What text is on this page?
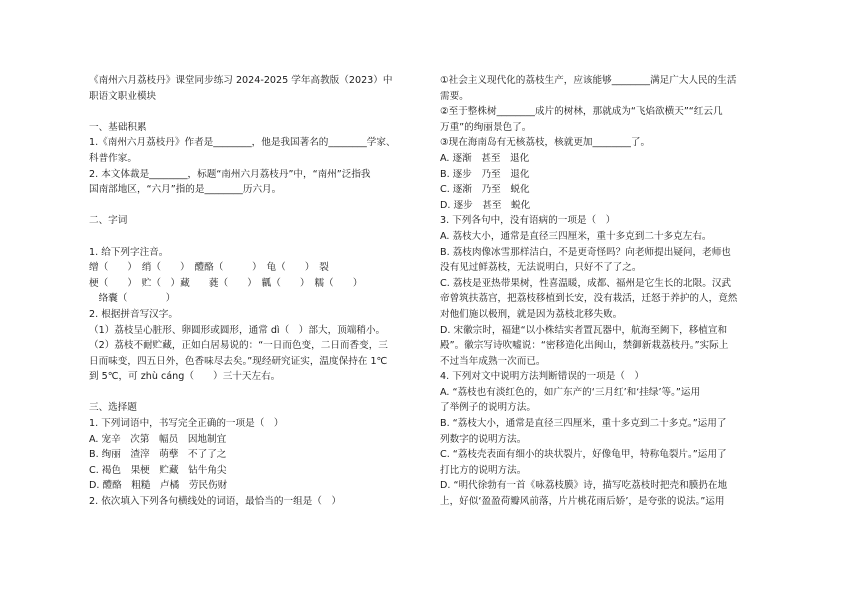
《南州六月荔枝丹》课堂同步练习 2024-2025 学年高教版（2023）中
职语文职业模块
一、基础积累
1.《南州六月荔枝丹》作者是________，他是我国著名的________学家、
科普作家。
2. 本文体裁是________，标题“南州六月荔枝丹”中，“南州”泛指我
国南部地区，“六月”指的是________历六月。
二、字词
1. 给下列字注音。
缯（　　）　绡（　　）　醴酪（　　　）　龟（　　）　裂
梗（　　）　贮（　）藏　　蕤（　　）　瓤（　　）　糯（　　）
　络囊（　　　　）
2. 根据拼音写汉字。
（1）荔枝呈心脏形、卵圆形或圆形，通常 dì（　）部大，顶端稍小。
（2）荔枝不耐贮藏，正如白居易说的：“一日而色变，二日而香变，三
日而味变，四五日外，色香味尽去矣。”现经研究证实，温度保持在 1℃
到 5℃，可 zhù cáng（　　）三十天左右。
三、选择题
1. 下列词语中，书写完全正确的一项是（　）
A. 宠辛　次第　幅员　因地制宜
B. 绚丽　渣滓　萌孽　不了了之
C. 褐色　果梗　贮藏　钻牛角尖
D. 醴酪　粗糙　卢橘　劳民伤财
2. 依次填入下列各句横线处的词语，最恰当的一组是（　）
①社会主义现代化的荔枝生产，应该能够________满足广大人民的生活
需要。
②至于整株树________成片的树林，那就成为“飞焰欲横天”“红云几
万重”的绚丽景色了。
③现在海南岛有无核荔枝，核就更加________了。
A. 逐渐　甚至　退化
B. 逐步　乃至　退化
C. 逐渐　乃至　蜕化
D. 逐步　甚至　蜕化
3. 下列各句中，没有语病的一项是（　）
A. 荔枝大小，通常是直径三四厘米，重十多克到二十多克左右。
B. 荔枝肉像冰雪那样洁白，不是更奇怪吗？向老师提出疑问，老师也
没有见过鲜荔枝，无法说明白，只好不了了之。
C. 荔枝是亚热带果树，性喜温暖，成都、福州是它生长的北限。汉武
帝曾筑扶荔宫，把荔枝移植到长安，没有栽活，迁怒于养护的人，竟然
对他们施以极刑，就是因为荔枝北移失败。
D. 宋徽宗时，福建“以小株结实者置瓦器中，航海至阙下，移植宣和
殿”。徽宗写诗吹嘘说：“密移造化出闽山，禁御新栽荔枝丹。”实际上
不过当年成熟一次而已。
4. 下列对文中说明方法判断错误的一项是（　）
A. “荔枝也有淡红色的，如广东产的‘三月红’和‘挂绿’等。”运用
了举例子的说明方法。
B. “荔枝大小，通常是直径三四厘米，重十多克到二十多克。”运用了
列数字的说明方法。
C. “荔枝壳表面有细小的块状裂片，好像龟甲，特称龟裂片。”运用了
打比方的说明方法。
D. “明代徐勃有一首《咏荔枝膜》诗，描写吃荔枝时把壳和膜扔在地
上，好似‘盈盈荷瓣风前落，片片桃花雨后娇’，是夸张的说法。”运用
